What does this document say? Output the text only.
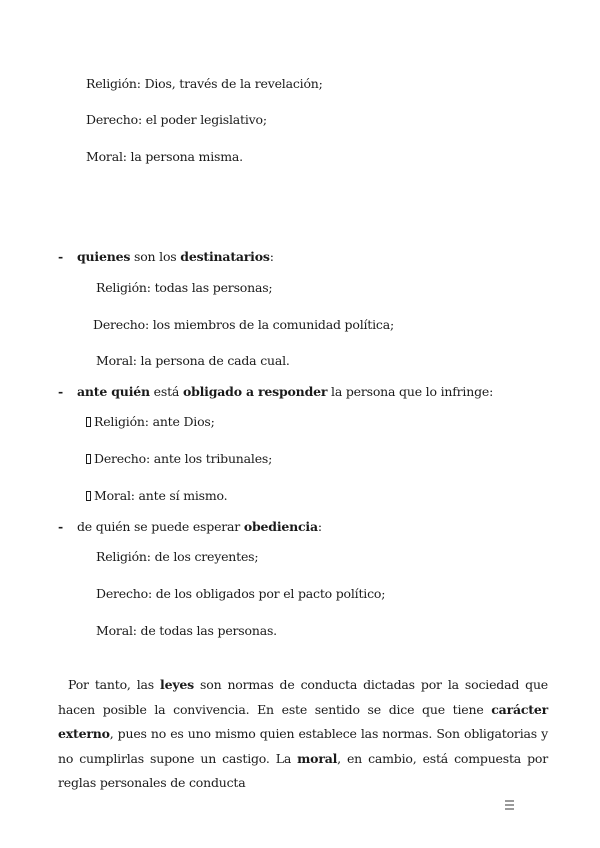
Religión: Dios, través de la revelación;
Derecho: el poder legislativo;
Moral: la persona misma.
- quienes son los destinatarios:
Religión: todas las personas;
Derecho: los miembros de la comunidad política;
Moral: la persona de cada cual.
- ante quién está obligado a responder la persona que lo infringe:
Religión: ante Dios;
Derecho: ante los tribunales;
Moral: ante sí mismo.
- de quién se puede esperar obediencia:
Religión: de los creyentes;
Derecho: de los obligados por el pacto político;
Moral: de todas las personas.
Por tanto, las leyes son normas de conducta dictadas por la sociedad que hacen posible la convivencia. En este sentido se dice que tiene carácter externo, pues no es uno mismo quien establece las normas. Son obligatorias y no cumplirlas supone un castigo. La moral, en cambio, está compuesta por reglas personales de conducta
